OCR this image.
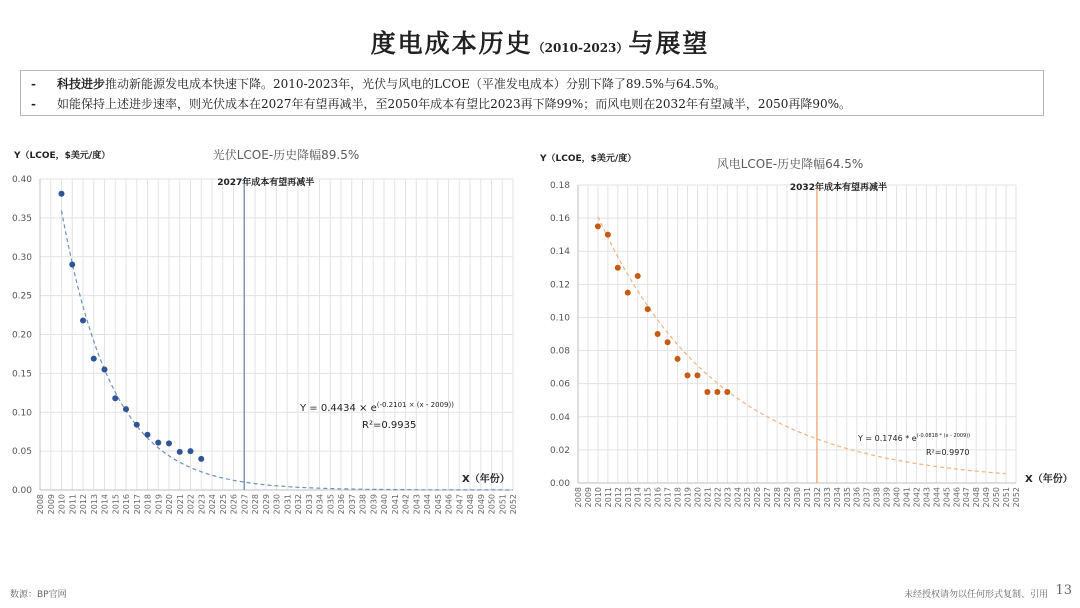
度电成本历史（2010-2023）与展望
-	科技进步推动新能源发电成本快速下降。2010-2023年，光伏与风电的LCOE（平准发电成本）分别下降了89.5%与64.5%。
-	如能保持上述进步速率，则光伏成本在2027年有望再减半，至2050年成本有望比2023再下降99%；而风电则在2032年有望减半，2050再降90%。
2008 2009 2010 2011 2012 2013 2014 2015 2016 2017 2018 2019 2020 2021 2022 2023 2024 2025 2026 2027 2028 2029 2030 2031 2032 2033 2034 2035 2036 2037 2038 2039 2040 2041 2042 2043 2044 2045 2046 2047 2048 2049 2050 2051 2052
0.00
0.05
0.10
0.15
0.20
0.25
0.30
0.35
0.40	2027年成本有望再减半
光伏LCOE-历史降幅89.5%
Y（LCOE，$美元/度）
X（年份）
$Y = 0.4434 \times e^{(-0.2101 \times (x - 2009))}$
R²=0.9935
2008 2009 2010 2011 2012 2013 2014 2015 2016 2017 2018 2019 2020 2021 2022 2023 2024 2025 2026 2027 2028 2029 2030 2031 2032 2033 2034 2035 2036 2037 2038 2039 2040 2041 2042 2043 2044 2045 2046 2047 2048 2049 2050 2051 2052
0.00
0.02
0.04
0.06
0.08
0.10
0.12
0.14
0.16
0.18	2032年成本有望再减半
风电LCOE-历史降幅64.5%
Y（LCOE，$美元/度）
X（年份）
$Y = 0.1746 * e^{(-0.0818 * (x - 2009))}$
R²=0.9970
数源：BP官网	未经授权请勿以任何形式复制、引用 13
